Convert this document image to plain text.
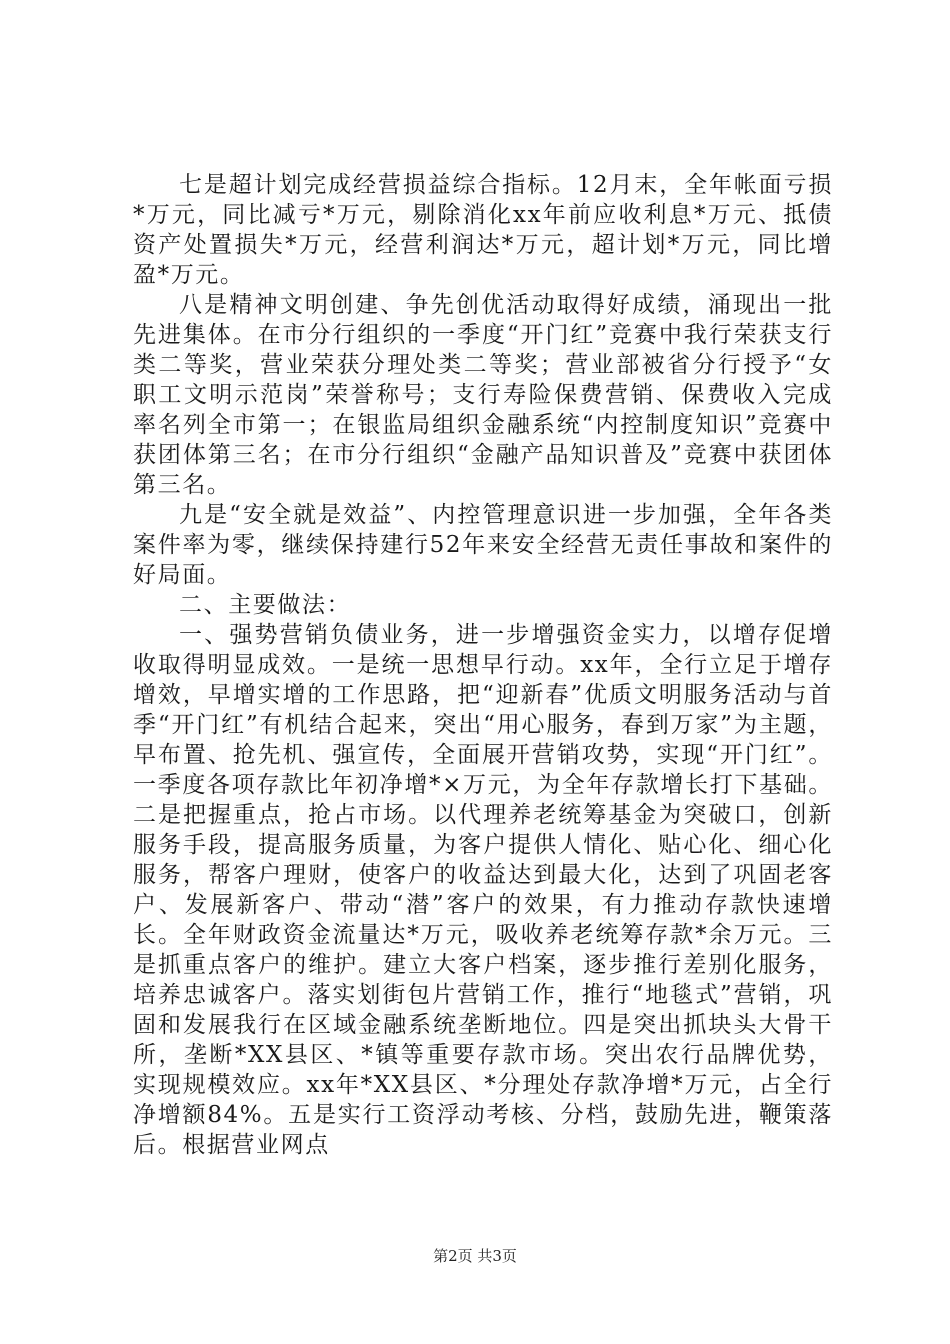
七是超计划完成经营损益综合指标。12月末，全年帐面亏损*万元，同比减亏*万元，剔除消化xx年前应收利息*万元、抵债资产处置损失*万元，经营利润达*万元，超计划*万元，同比增盈*万元。

八是精神文明创建、争先创优活动取得好成绩，涌现出一批先进集体。在市分行组织的一季度“开门红”竞赛中我行荣获支行类二等奖，营业荣获分理处类二等奖；营业部被省分行授予“女职工文明示范岗”荣誉称号；支行寿险保费营销、保费收入完成率名列全市第一；在银监局组织金融系统“内控制度知识”竞赛中获团体第三名；在市分行组织“金融产品知识普及”竞赛中获团体第三名。

九是“安全就是效益”、内控管理意识进一步加强，全年各类案件率为零，继续保持建行52年来安全经营无责任事故和案件的好局面。

二、主要做法：

一、强势营销负债业务，进一步增强资金实力，以增存促增收取得明显成效。一是统一思想早行动。xx年，全行立足于增存增效，早增实增的工作思路，把“迎新春”优质文明服务活动与首季“开门红”有机结合起来，突出“用心服务，春到万家”为主题，早布置、抢先机、强宣传，全面展开营销攻势，实现“开门红”。一季度各项存款比年初净增*×万元，为全年存款增长打下基础。二是把握重点，抢占市场。以代理养老统筹基金为突破口，创新服务手段，提高服务质量，为客户提供人情化、贴心化、细心化服务，帮客户理财，使客户的收益达到最大化，达到了巩固老客户、发展新客户、带动“潜”客户的效果，有力推动存款快速增长。全年财政资金流量达*万元，吸收养老统筹存款*余万元。三是抓重点客户的维护。建立大客户档案，逐步推行差别化服务，培养忠诚客户。落实划街包片营销工作，推行“地毯式”营销，巩固和发展我行在区域金融系统垄断地位。四是突出抓块头大骨干所，垄断*XX县区、*镇等重要存款市场。突出农行品牌优势，实现规模效应。xx年*XX县区、*分理处存款净增*万元，占全行净增额84%。五是实行工资浮动考核、分档，鼓励先进，鞭策落后。根据营业网点

第2页 共3页
